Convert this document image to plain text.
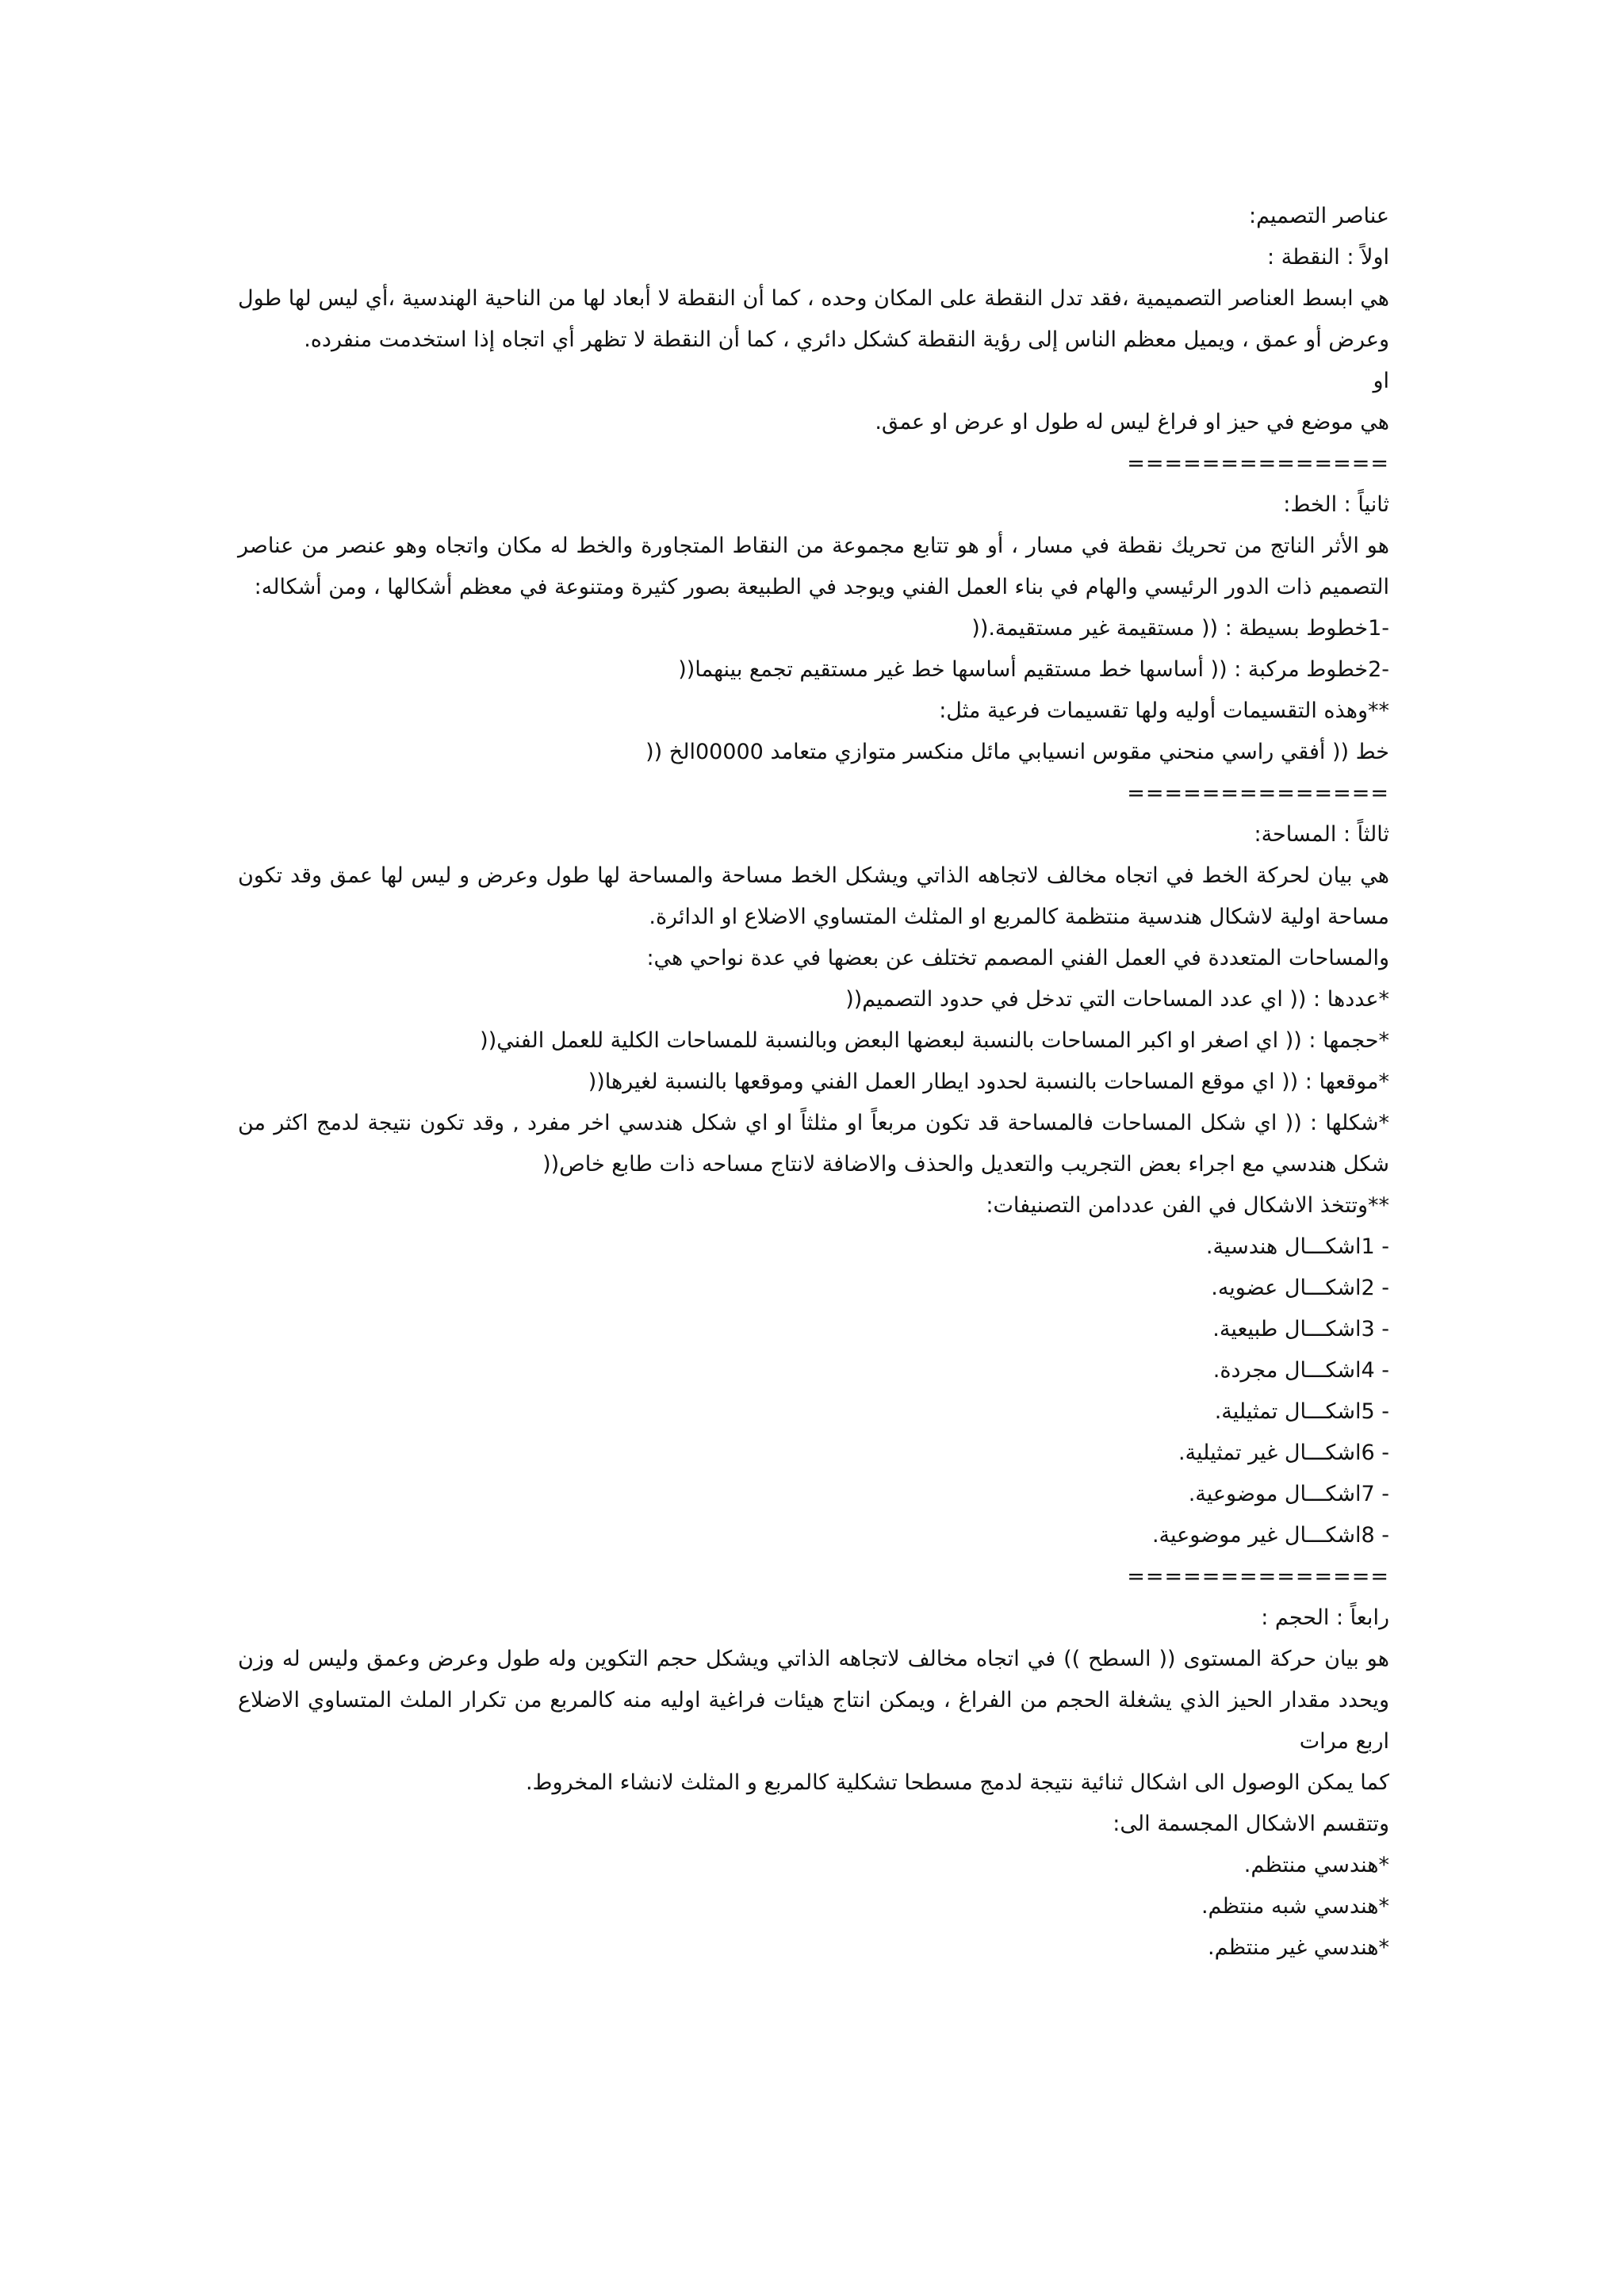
عناصر التصميم:

اولاً : النقطة :

هي ابسط العناصر التصميمية ،فقد تدل النقطة على المكان وحده ، كما أن النقطة لا أبعاد لها من الناحية الهندسية ،أي ليس لها طول وعرض أو عمق ، ويميل معظم الناس إلى رؤية النقطة كشكل دائري ، كما أن النقطة لا تظهر أي اتجاه إذا استخدمت منفرده.

او

هي موضع في حيز او فراغ ليس له طول او عرض او عمق.

==============

ثانياً : الخط:

هو الأثر الناتج من تحريك نقطة في مسار ، أو هو تتابع مجموعة من النقاط المتجاورة والخط له مكان واتجاه وهو عنصر من عناصر التصميم ذات الدور الرئيسي والهام في بناء العمل الفني ويوجد في الطبيعة بصور كثيرة ومتنوعة في معظم أشكالها ، ومن أشكاله:

-1خطوط بسيطة : (( مستقيمة غير مستقيمة.((

-2خطوط مركبة : (( أساسها خط مستقيم أساسها خط غير مستقيم تجمع بينهما((

**وهذه التقسيمات أوليه ولها تقسيمات فرعية مثل:

خط (( أفقي راسي منحني مقوس انسيابي مائل منكسر متوازي متعامد 00000الخ ((

==============

ثالثاً : المساحة:

هي بيان لحركة الخط في اتجاه مخالف لاتجاهه الذاتي ويشكل الخط مساحة والمساحة لها طول وعرض و ليس لها عمق وقد تكون مساحة اولية لاشكال هندسية منتظمة كالمربع او المثلث المتساوي الاضلاع او الدائرة.

والمساحات المتعددة في العمل الفني المصمم تختلف عن بعضها في عدة نواحي هي:

*عددها : (( اي عدد المساحات التي تدخل في حدود التصميم((

*حجمها : (( اي اصغر او اكبر المساحات بالنسبة لبعضها البعض وبالنسبة للمساحات الكلية للعمل الفني((

*موقعها : (( اي موقع المساحات بالنسبة لحدود ايطار العمل الفني وموقعها بالنسبة لغيرها((

*شكلها : (( اي شكل المساحات فالمساحة قد تكون مربعاً او مثلثاً او اي شكل هندسي اخر مفرد , وقد تكون نتيجة لدمج اكثر من شكل هندسي مع اجراء بعض التجريب والتعديل والحذف والاضافة لانتاج مساحه ذات طابع خاص((

**وتتخذ الاشكال في الفن عددامن التصنيفات:

- 1اشكـــال هندسية.

- 2اشكـــال عضويه.

- 3اشكـــال طبيعية.

- 4اشكـــال مجردة.

- 5اشكـــال تمثيلية.

- 6اشكـــال غير تمثيلية.

- 7اشكـــال موضوعية.

- 8اشكـــال غير موضوعية.

==============

رابعاً : الحجم :

هو بيان حركة المستوى (( السطح )) في اتجاه مخالف لاتجاهه الذاتي ويشكل حجم التكوين وله طول وعرض وعمق وليس له وزن ويحدد مقدار الحيز الذي يشغلة الحجم من الفراغ ، ويمكن انتاج هيئات فراغية اوليه منه كالمربع من تكرار الملث المتساوي الاضلاع اربع مرات

كما يمكن الوصول الى اشكال ثنائية نتيجة لدمج مسطحا تشكلية كالمربع و المثلث لانشاء المخروط.

وتتقسم الاشكال المجسمة الى:

*هندسي منتظم.

*هندسي شبه منتظم.

*هندسي غير منتظم.
